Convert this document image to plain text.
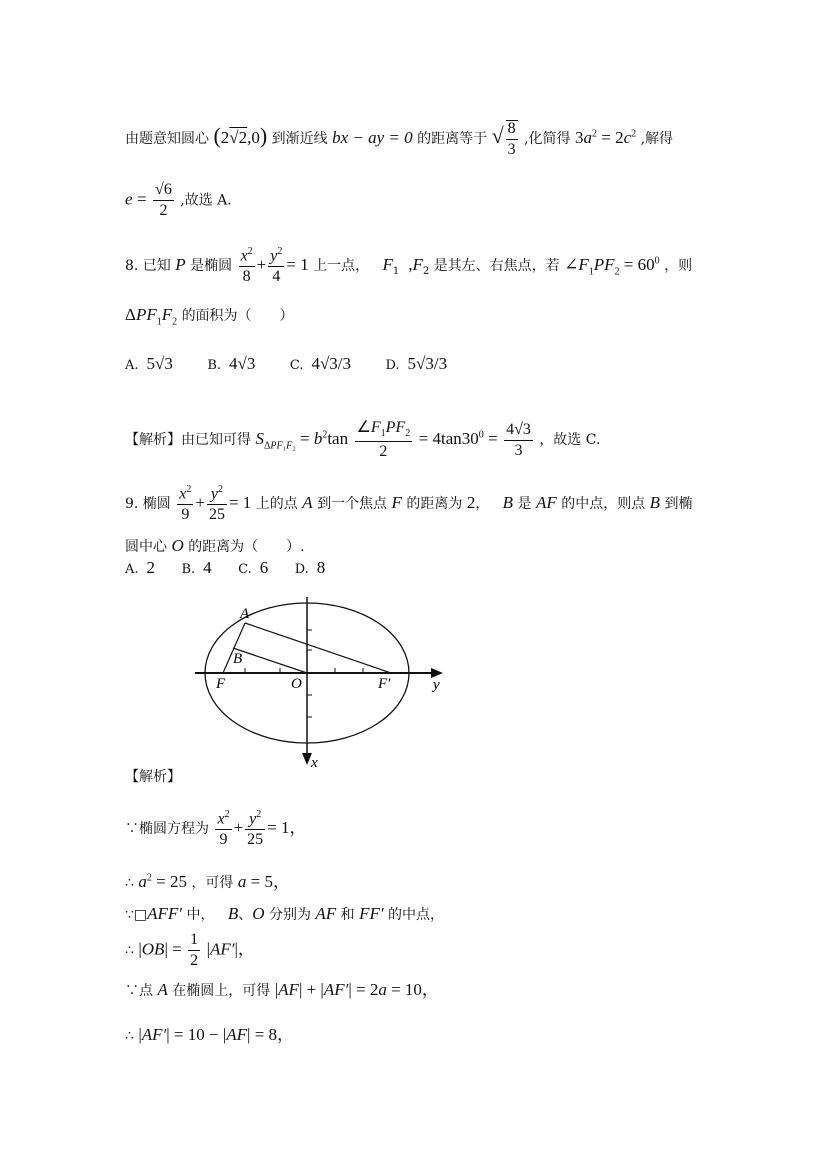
由题意知圆心 (2√2,0) 到渐近线 bx − ay = 0 的距离等于 √ $\frac{8}{3}$ ,化简得 $3a^2 = 2c^2$ ,解得
$e = \frac{√6}{2}$ ,故选 A.
8. 已知 P 是椭圆 $\frac{x^2}{8} + \frac{y^2}{4} = 1$ 上一点， $F_1$ $,F_2$ 是其左、右焦点，若 $\angle F_1PF_2 = 60^0$ ，则
$\Delta PF_1F_2$ 的面积为（　　）
A. 5√3	B. 4√3	C. 4√3/3	D. 5√3/3
【解析】由已知可得 $S_{\Delta PF_1F_2} = b^2\tan \frac{\angle F_1PF_2}{2} = 4\tan 30^0 = \frac{4√3}{3}$ ，故选 C.
9. 椭圆 $\frac{x^2}{9} + \frac{y^2}{25} = 1$ 上的点 A 到一个焦点 F 的距离为 2， B 是 AF 的中点，则点 B 到椭
圆中心 O 的距离为（　　）.
A. 2 B. 4 C. 6 D. 8
A
B
F	O	F′	y
x
【解析】
∵椭圆方程为 $\frac{x^2}{9} + \frac{y^2}{25} = 1$，
∴ $a^2 = 25$ ，可得 a = 5，
∵□AFF′ 中， B、O 分别为 AF 和 FF′ 的中点，
∴ $|OB| = \frac{1}{2} |AF'|$，
∵点 A 在椭圆上，可得 |AF| + |AF′| = 2a = 10，
∴ |AF′| = 10 − |AF| = 8，
